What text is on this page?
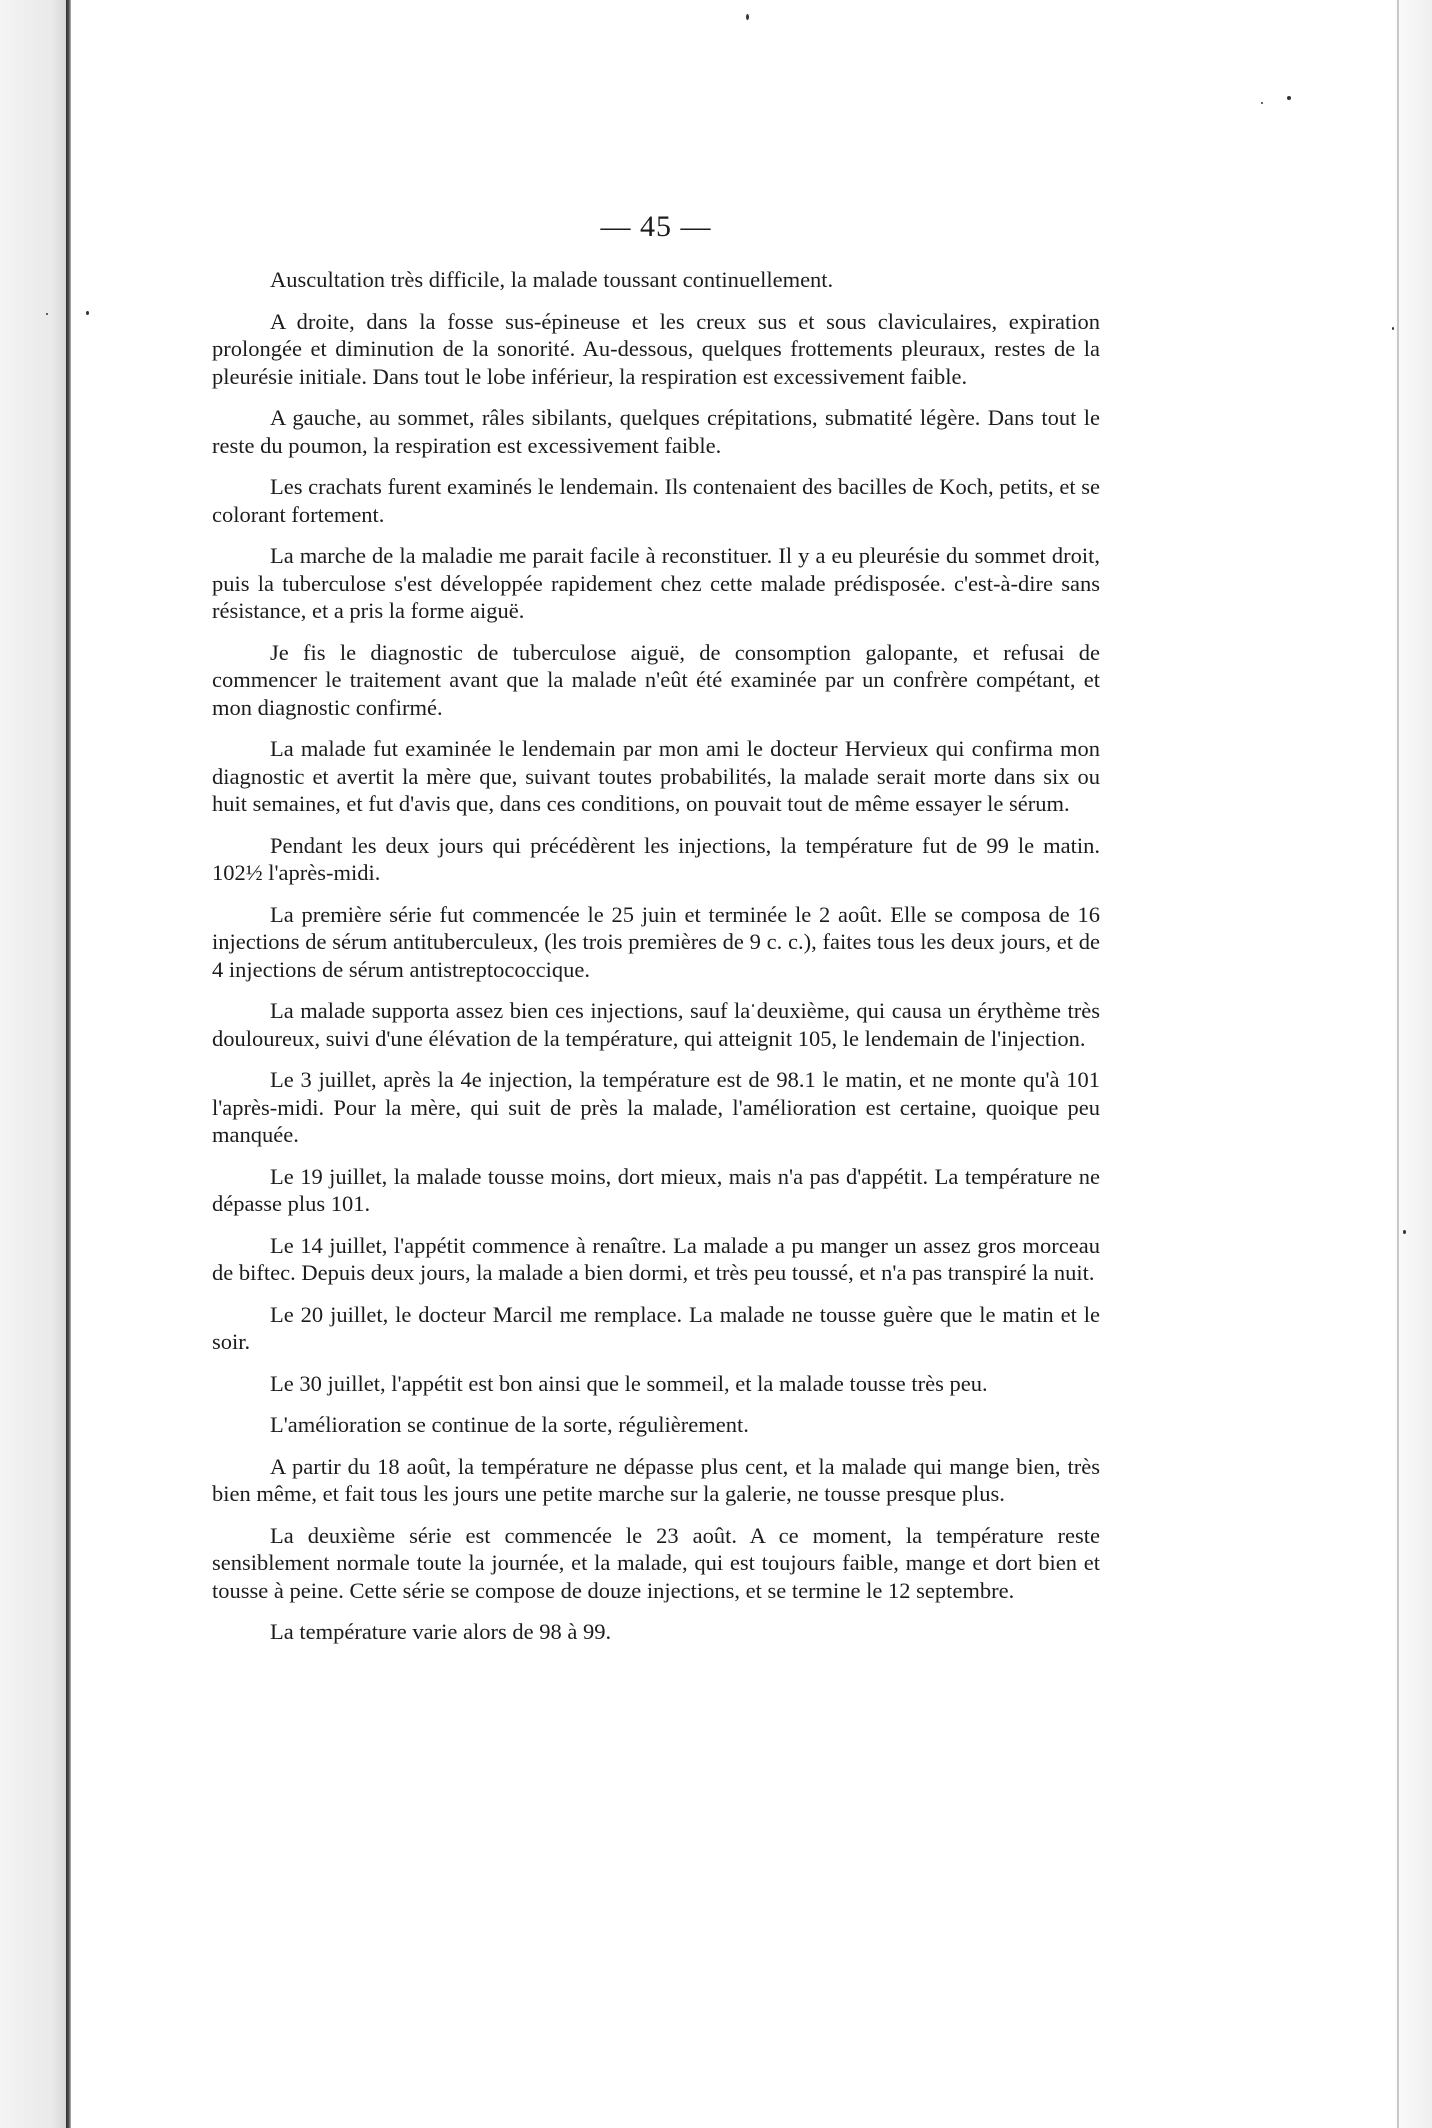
— 45 —

Auscultation très difficile, la malade toussant continuellement.

A droite, dans la fosse sus-épineuse et les creux sus et sous claviculaires, expiration prolongée et diminution de la sonorité. Au-dessous, quelques frottements pleuraux, restes de la pleurésie initiale. Dans tout le lobe inférieur, la respiration est excessivement faible.

A gauche, au sommet, râles sibilants, quelques crépitations, submatité légère. Dans tout le reste du poumon, la respiration est excessivement faible.

Les crachats furent examinés le lendemain. Ils contenaient des bacilles de Koch, petits, et se colorant fortement.

La marche de la maladie me parait facile à reconstituer. Il y a eu pleurésie du sommet droit, puis la tuberculose s'est développée rapidement chez cette malade prédisposée. c'est-à-dire sans résistance, et a pris la forme aiguë.

Je fis le diagnostic de tuberculose aiguë, de consomption galopante, et refusai de commencer le traitement avant que la malade n'eût été examinée par un confrère compétant, et mon diagnostic confirmé.

La malade fut examinée le lendemain par mon ami le docteur Hervieux qui confirma mon diagnostic et avertit la mère que, suivant toutes probabilités, la malade serait morte dans six ou huit semaines, et fut d'avis que, dans ces conditions, on pouvait tout de même essayer le sérum.

Pendant les deux jours qui précédèrent les injections, la température fut de 99 le matin. 102½ l'après-midi.

La première série fut commencée le 25 juin et terminée le 2 août. Elle se composa de 16 injections de sérum antituberculeux, (les trois premières de 9 c. c.), faites tous les deux jours, et de 4 injections de sérum antistreptococcique.

La malade supporta assez bien ces injections, sauf la deuxième, qui causa un érythème très douloureux, suivi d'une élévation de la température, qui atteignit 105, le lendemain de l'injection.

Le 3 juillet, après la 4e injection, la température est de 98.1 le matin, et ne monte qu'à 101 l'après-midi. Pour la mère, qui suit de près la malade, l'amélioration est certaine, quoique peu manquée.

Le 19 juillet, la malade tousse moins, dort mieux, mais n'a pas d'appétit. La température ne dépasse plus 101.

Le 14 juillet, l'appétit commence à renaître. La malade a pu manger un assez gros morceau de biftec. Depuis deux jours, la malade a bien dormi, et très peu toussé, et n'a pas transpiré la nuit.

Le 20 juillet, le docteur Marcil me remplace. La malade ne tousse guère que le matin et le soir.

Le 30 juillet, l'appétit est bon ainsi que le sommeil, et la malade tousse très peu.

L'amélioration se continue de la sorte, régulièrement.

A partir du 18 août, la température ne dépasse plus cent, et la malade qui mange bien, très bien même, et fait tous les jours une petite marche sur la galerie, ne tousse presque plus.

La deuxième série est commencée le 23 août. A ce moment, la température reste sensiblement normale toute la journée, et la malade, qui est toujours faible, mange et dort bien et tousse à peine. Cette série se compose de douze injections, et se termine le 12 septembre.

La température varie alors de 98 à 99.
